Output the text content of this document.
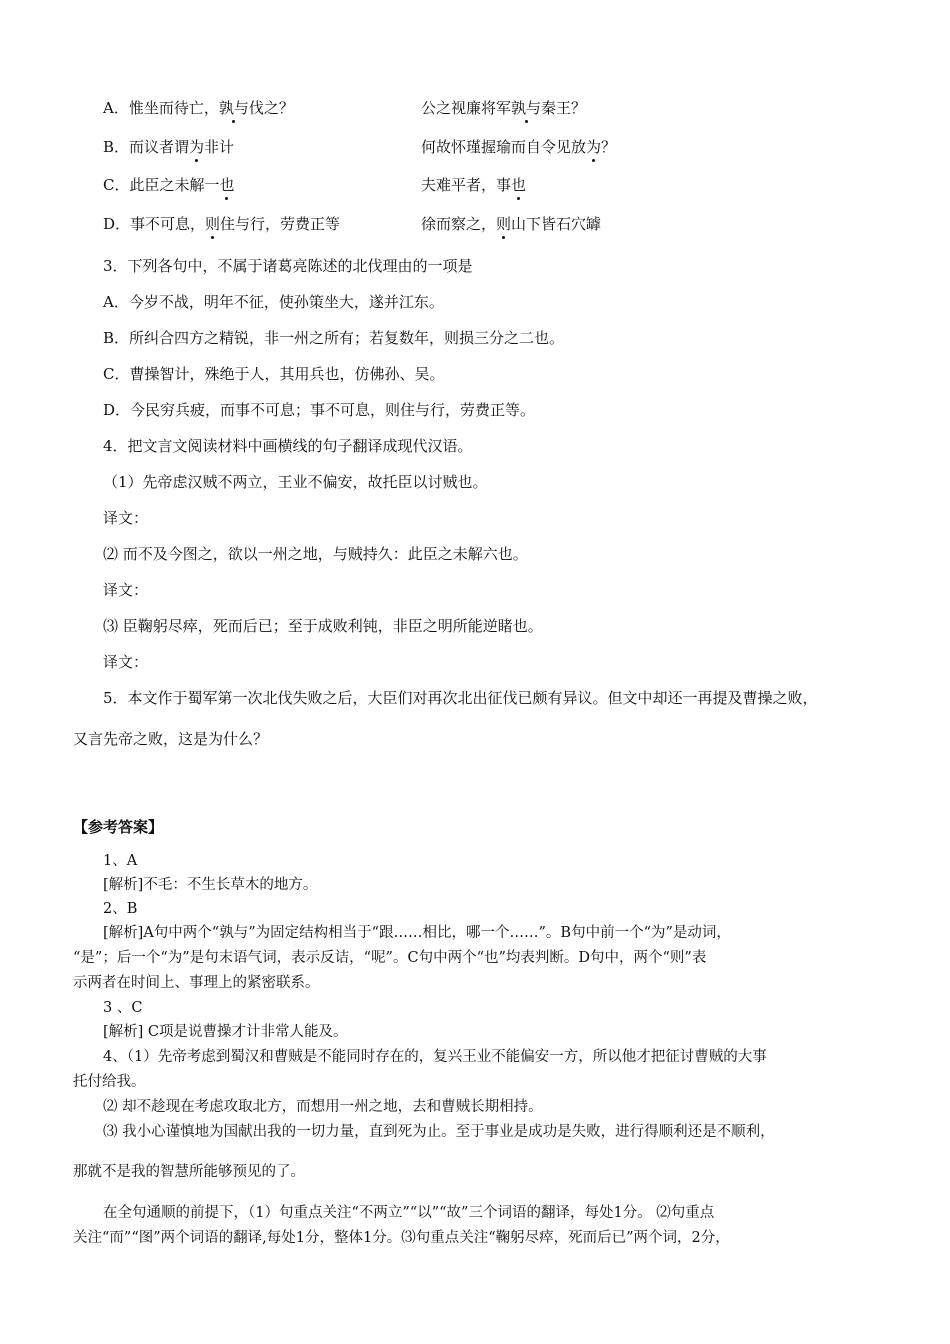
A．惟坐而待亡，孰与伐之？	公之视廉将军孰与秦王？
B．而议者谓为非计	何故怀瑾握瑜而自令见放为？
C．此臣之未解一也	夫难平者，事也
D．事不可息，则住与行，劳费正等	徐而察之，则山下皆石穴罅
3．下列各句中，不属于诸葛亮陈述的北伐理由的一项是
A．今岁不战，明年不征，使孙策坐大，遂并江东。
B．所纠合四方之精锐，非一州之所有；若复数年，则损三分之二也。
C．曹操智计，殊绝于人，其用兵也，仿佛孙、吴。
D．今民穷兵疲，而事不可息；事不可息，则住与行，劳费正等。
4．把文言文阅读材料中画横线的句子翻译成现代汉语。
（1）先帝虑汉贼不两立，王业不偏安，故托臣以讨贼也。
译文：
⑵ 而不及今图之，欲以一州之地，与贼持久：此臣之未解六也。
译文：
⑶ 臣鞠躬尽瘁，死而后已；至于成败利钝，非臣之明所能逆睹也。
译文：
5．本文作于蜀军第一次北伐失败之后，大臣们对再次北出征伐已颇有异议。但文中却还一再提及曹操之败，
又言先帝之败，这是为什么？
【参考答案】
1、A
[解析]不毛：不生长草木的地方。
2、B
[解析]A句中两个“孰与”为固定结构相当于“跟……相比，哪一个……”。B句中前一个“为”是动词，
“是”；后一个“为”是句末语气词，表示反诘，“呢”。C句中两个“也”均表判断。D句中，两个“则”表
示两者在时间上、事理上的紧密联系。
3 、C
[解析] C项是说曹操才计非常人能及。
4、（1）先帝考虑到蜀汉和曹贼是不能同时存在的，复兴王业不能偏安一方，所以他才把征讨曹贼的大事
托付给我。
⑵ 却不趁现在考虑攻取北方，而想用一州之地，去和曹贼长期相持。
⑶ 我小心谨慎地为国献出我的一切力量，直到死为止。至于事业是成功是失败，进行得顺利还是不顺利，
那就不是我的智慧所能够预见的了。
在全句通顺的前提下，（1）句重点关注“不两立”“以”“故”三个词语的翻译，每处1分。 ⑵句重点
关注“而”“图”两个词语的翻译,每处1分，整体1分。⑶句重点关注“鞠躬尽瘁，死而后已”两个词，2分，
